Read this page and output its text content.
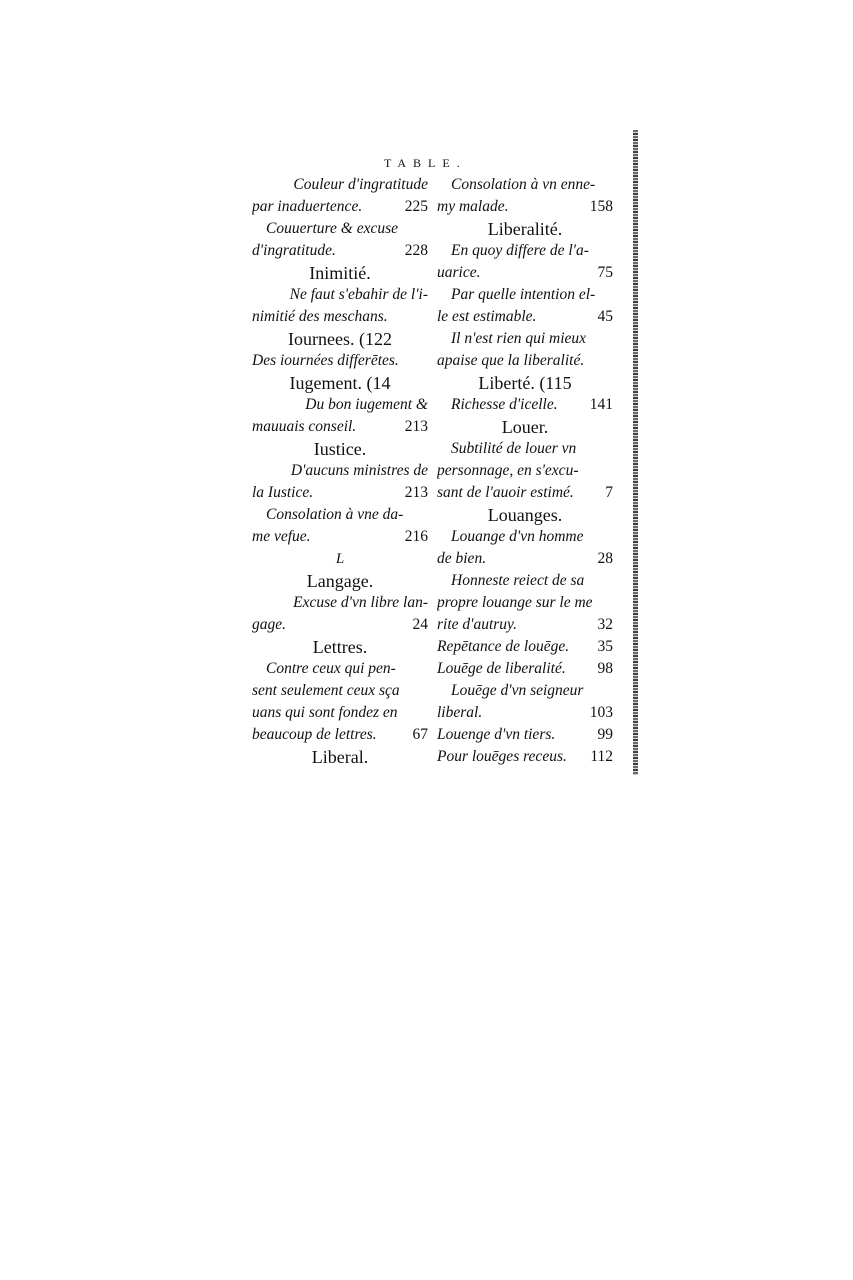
TABLE.
Couleur d'ingratitude
par inaduertence.	225
Couuerture & excuse
d'ingratitude.	228
Inimitié.
Ne faut s'ebahir de l'i-
nimitié des meschans.
Iournees. (122
Des iournées differētes.
Iugement. (14
Du bon iugement &
mauuais conseil.	213
Iustice.
D'aucuns ministres de
la Iustice.	213
Consolation à vne da-
me vefue.	216
L
Langage.
Excuse d'vn libre lan-
gage.	24
Lettres.
Contre ceux qui pen-
sent seulement ceux sça
uans qui sont fondez en
beaucoup de lettres. 67
Liberal.
Consolation à vn enne-
my malade.	158
Liberalité.
En quoy differe de l'a-
uarice.	75
Par quelle intention el-
le est estimable.	45
Il n'est rien qui mieux
apaise que la liberalité.
Liberté. (115
Richesse d'icelle. 141
Louer.
Subtilité de louer vn
personnage, en s'excu-
sant de l'auoir estimé. 7
Louanges.
Louange d'vn homme
de bien.	28
Honneste reiect de sa
propre louange sur le me
rite d'autruy.	32
Repētance de louēge. 35
Louēge de liberalité. 98
Louēge d'vn seigneur
liberal.	103
Louenge d'vn tiers.	99
Pour louēges receus. 112
